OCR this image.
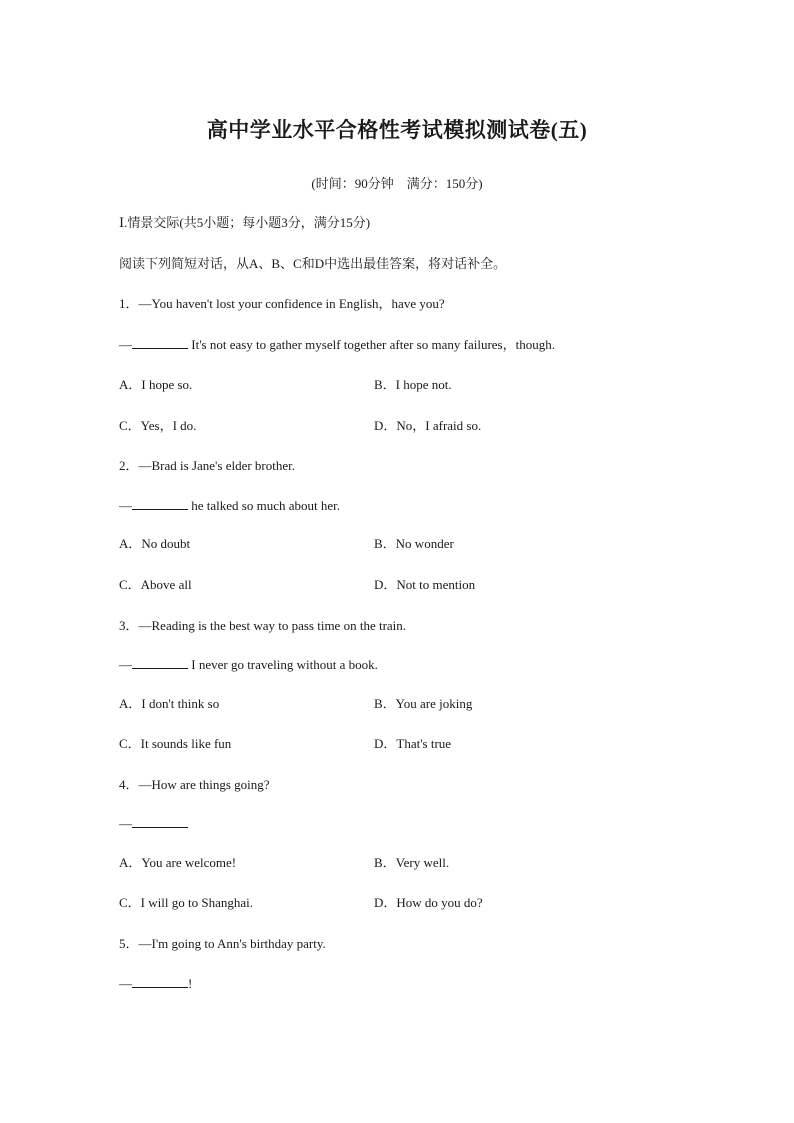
高中学业水平合格性考试模拟测试卷(五)
(时间：90分钟　满分：150分)
Ⅰ.情景交际(共5小题；每小题3分，满分15分)
阅读下列简短对话，从A、B、C和D中选出最佳答案，将对话补全。
1．—You haven't lost your confidence in English，have you?
—	It's not easy to gather myself together after so many failures，though.
A．I hope so.	B．I hope not.
C．Yes，I do.	D．No，I afraid so.
2．—Brad is Jane's elder brother.
—	he talked so much about her.
A．No doubt	B．No wonder
C．Above all	D．Not to mention
3．—Reading is the best way to pass time on the train.
—	I never go traveling without a book.
A．I don't think so	B．You are joking
C．It sounds like fun	D．That's true
4．—How are things going?
—
A．You are welcome!	B．Very well.
C．I will go to Shanghai.	D．How do you do?
5．—I'm going to Ann's birthday party.
—	!
